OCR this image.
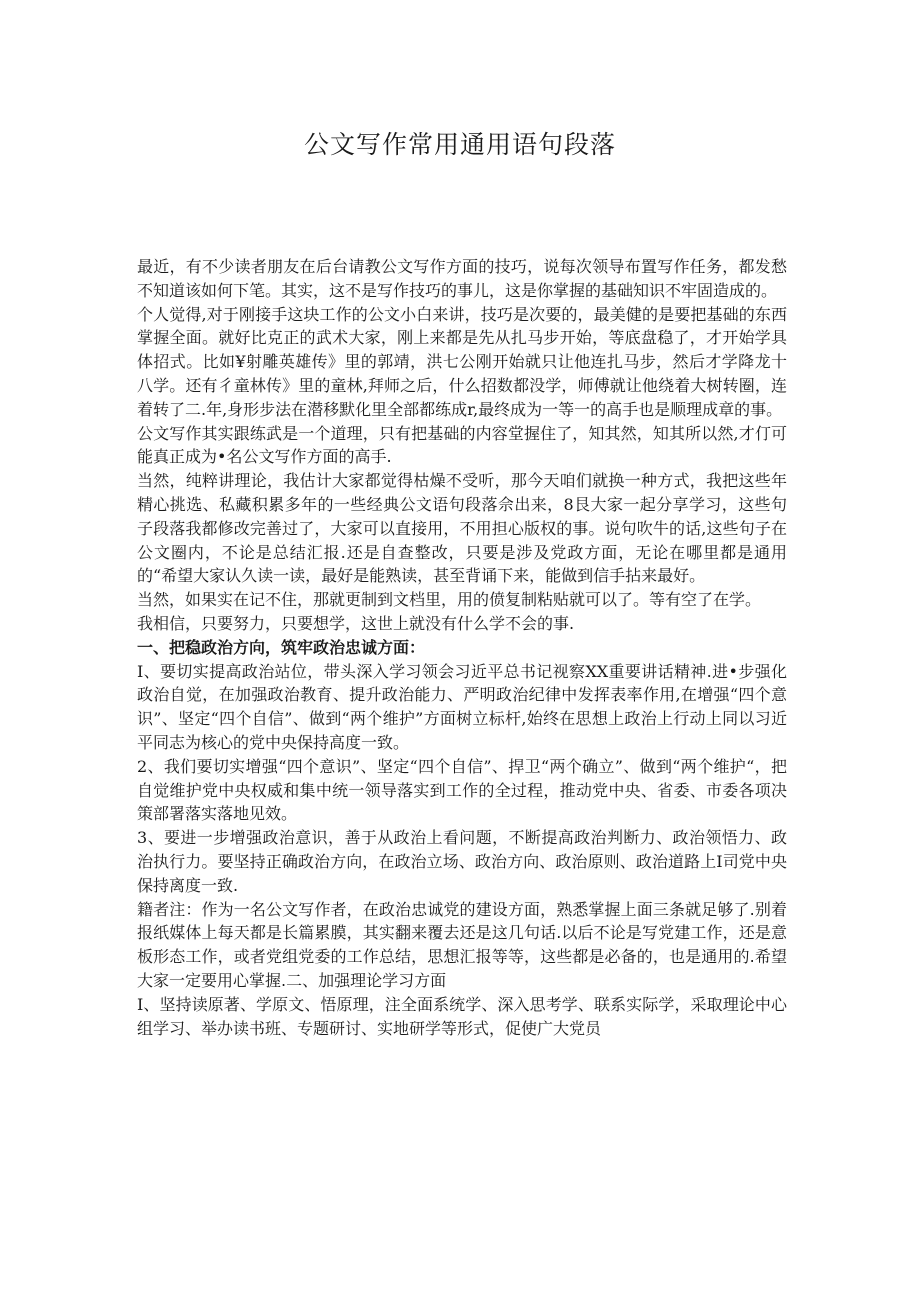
公文写作常用通用语句段落

最近，有不少读者朋友在后台请教公文写作方面的技巧，说每次领导布置写作任务，都发愁不知道该如何下笔。其实，这不是写作技巧的事儿，这是你掌握的基础知识不牢固造成的。

个人觉得,对于刚接手这块工作的公文小白来讲，技巧是次要的，最美健的是要把基础的东西掌握全面。就好比克正的武术大家，刚上来都是先从扎马步开始，等底盘稳了，才开始学具体招式。比如¥射雕英雄传》里的郭靖，洪七公刚开始就只让他连扎马步，然后才学降龙十八学。还有彳童林传》里的童林,拜师之后，什么招数都没学，师傅就让他绕着大树转圈，连着转了二.年,身形步法在潜移默化里全部都练成r,最终成为一等一的高手也是顺理成章的事。

公文写作其实跟练武是一个道理，只有把基础的内容堂握住了，知其然，知其所以然,才仃可能真正成为•名公文写作方面的高手.

当然，纯粹讲理论，我估计大家都觉得枯燥不受听，那今天咱们就换一种方式，我把这些年精心挑选、私藏积累多年的一些经典公文语句段落佘出来，8艮大家一起分享学习，这些句子段落我都修改完善过了，大家可以直接用，不用担心版权的事。说句吹牛的话,这些句子在公文圈内，不论是总结汇报.还是自查整改，只要是涉及党政方面，无论在哪里都是通用的“希望大家认久读一读，最好是能熟读，甚至背诵下来，能做到信手拈来最好。

当然，如果实在记不住，那就更制到文档里，用的偾复制粘贴就可以了。等有空了在学。

我相信，只要努力，只要想学，这世上就没有什么学不会的事.

一、把稳政治方向，筑牢政治忠诚方面：

I、要切实提高政治站位，带头深入学习领会习近平总书记视察XX重要讲话精神.进•步强化政治自觉，在加强政治教育、提升政治能力、严明政治纪律中发挥表率作用,在增强“四个意识”、坚定“四个自信”、做到“两个维护”方面树立标杆,始终在思想上政治上行动上同以习近平同志为核心的党中央保持高度一致。

2、我们要切实增强“四个意识”、坚定“四个自信”、捍卫“两个确立”、做到“两个维护“，把自觉维护党中央权威和集中统一领导落实到工作的全过程，推动党中央、省委、市委各项决策部署落实落地见效。

3、要进一步增强政治意识，善于从政治上看问题，不断提高政治判断力、政治领悟力、政治执行力。要坚持正确政治方向，在政治立场、政治方向、政治原则、政治道路上I司党中央保持离度一致.

籍者注：作为一名公文写作者，在政治忠诚党的建设方面，熟悉掌握上面三条就足够了.别着报纸媒体上每天都是长篇累膜，其实翻来覆去还是这几句话.以后不论是写党建工作，还是意板形态工作，或者党组党委的工作总结，思想汇报等等，这些都是必备的，也是通用的.希望大家一定要用心掌握.二、加强理论学习方面

I、坚持读原著、学原文、悟原理，注全面系统学、深入思考学、联系实际学，采取理论中心组学习、举办读书班、专题研讨、实地研学等形式，促使广大党员
